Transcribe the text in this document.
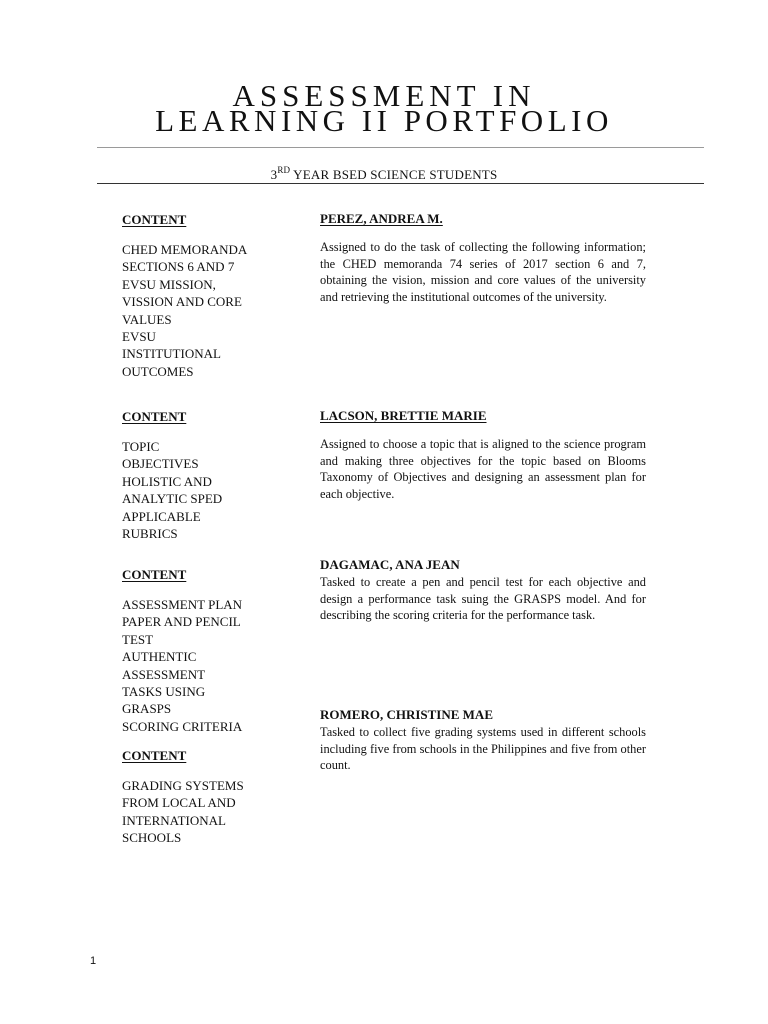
ASSESSMENT IN
LEARNING II PORTFOLIO
3RD YEAR BSED SCIENCE STUDENTS

CONTENT

CHED MEMORANDA
SECTIONS 6 AND 7
EVSU MISSION,
VISSION AND CORE
VALUES
EVSU
INSTITUTIONAL
OUTCOMES

CONTENT

TOPIC
OBJECTIVES
HOLISTIC AND
ANALYTIC SPED
APPLICABLE
RUBRICS

CONTENT

ASSESSMENT PLAN
PAPER AND PENCIL
TEST
AUTHENTIC
ASSESSMENT
TASKS USING
GRASPS
SCORING CRITERIA

CONTENT

GRADING SYSTEMS
FROM LOCAL AND
INTERNATIONAL
SCHOOLS

PEREZ, ANDREA M.

Assigned to do the task of collecting the following information; the CHED memoranda 74 series of 2017 section 6 and 7, obtaining the vision, mission and core values of the university and retrieving the institutional outcomes of the university.

LACSON, BRETTIE MARIE

Assigned to choose a topic that is aligned to the science program and making three objectives for the topic based on Blooms Taxonomy of Objectives and designing an assessment plan for each objective.

DAGAMAC, ANA JEAN

Tasked to create a pen and pencil test for each objective and design a performance task suing the GRASPS model. And for describing the scoring criteria for the performance task.

ROMERO, CHRISTINE MAE

Tasked to collect five grading systems used in different schools including five from schools in the Philippines and five from other count.

1
